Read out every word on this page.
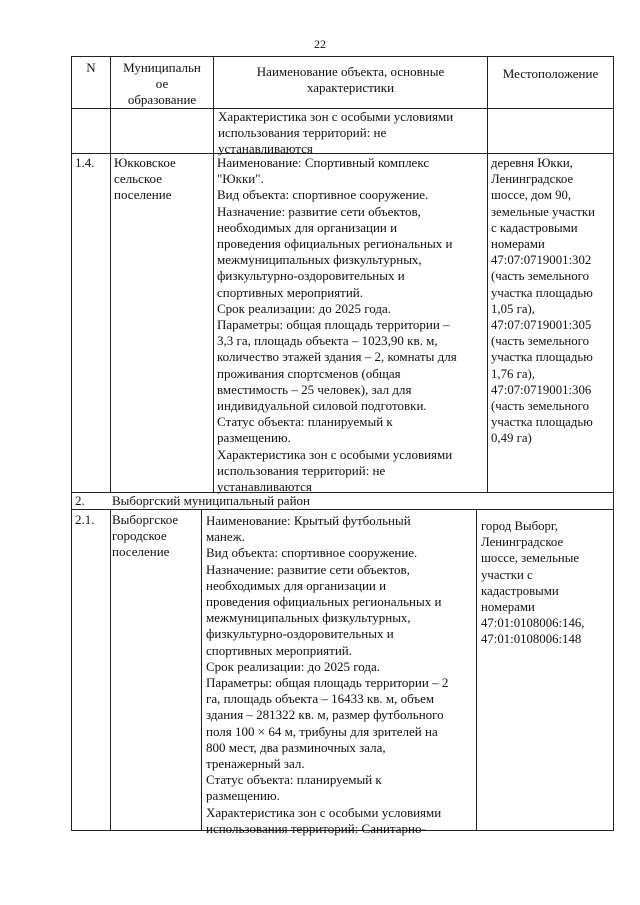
22
N	Муниципальн
ое
образование
Наименование объекта, основные
характеристики
Местоположение
Характеристика зон с особыми условиями
использования территорий: не
устанавливаются
1.4. Юкковское
сельское
поселение
Наименование: Спортивный комплекс
"Юкки".
Вид объекта: спортивное сооружение.
Назначение: развитие сети объектов,
необходимых для организации и
проведения официальных региональных и
межмуниципальных физкультурных,
физкультурно-оздоровительных и
спортивных мероприятий.
Срок реализации: до 2025 года.
Параметры: общая площадь территории –
3,3 га, площадь объекта – 1023,90 кв. м,
количество этажей здания – 2, комнаты для
проживания спортсменов (общая
вместимость – 25 человек), зал для
индивидуальной силовой подготовки.
Статус объекта: планируемый к
размещению.
Характеристика зон с особыми условиями
использования территорий: не
устанавливаются
деревня Юкки,
Ленинградское
шоссе, дом 90,
земельные участки
с кадастровыми
номерами
47:07:0719001:302
(часть земельного
участка площадью
1,05 га),
47:07:0719001:305
(часть земельного
участка площадью
1,76 га),
47:07:0719001:306
(часть земельного
участка площадью
0,49 га)
2. Выборгский муниципальный район
2.1. Выборгское
городское
поселение
Наименование: Крытый футбольный
манеж.
Вид объекта: спортивное сооружение.
Назначение: развитие сети объектов,
необходимых для организации и
проведения официальных региональных и
межмуниципальных физкультурных,
физкультурно-оздоровительных и
спортивных мероприятий.
Срок реализации: до 2025 года.
Параметры: общая площадь территории – 2
га, площадь объекта – 16433 кв. м, объем
здания – 281322 кв. м, размер футбольного
поля 100 × 64 м, трибуны для зрителей на
800 мест, два разминочных зала,
тренажерный зал.
Статус объекта: планируемый к
размещению.
Характеристика зон с особыми условиями
использования территорий: Санитарно-
город Выборг,
Ленинградское
шоссе, земельные
участки с
кадастровыми
номерами
47:01:0108006:146,
47:01:0108006:148
